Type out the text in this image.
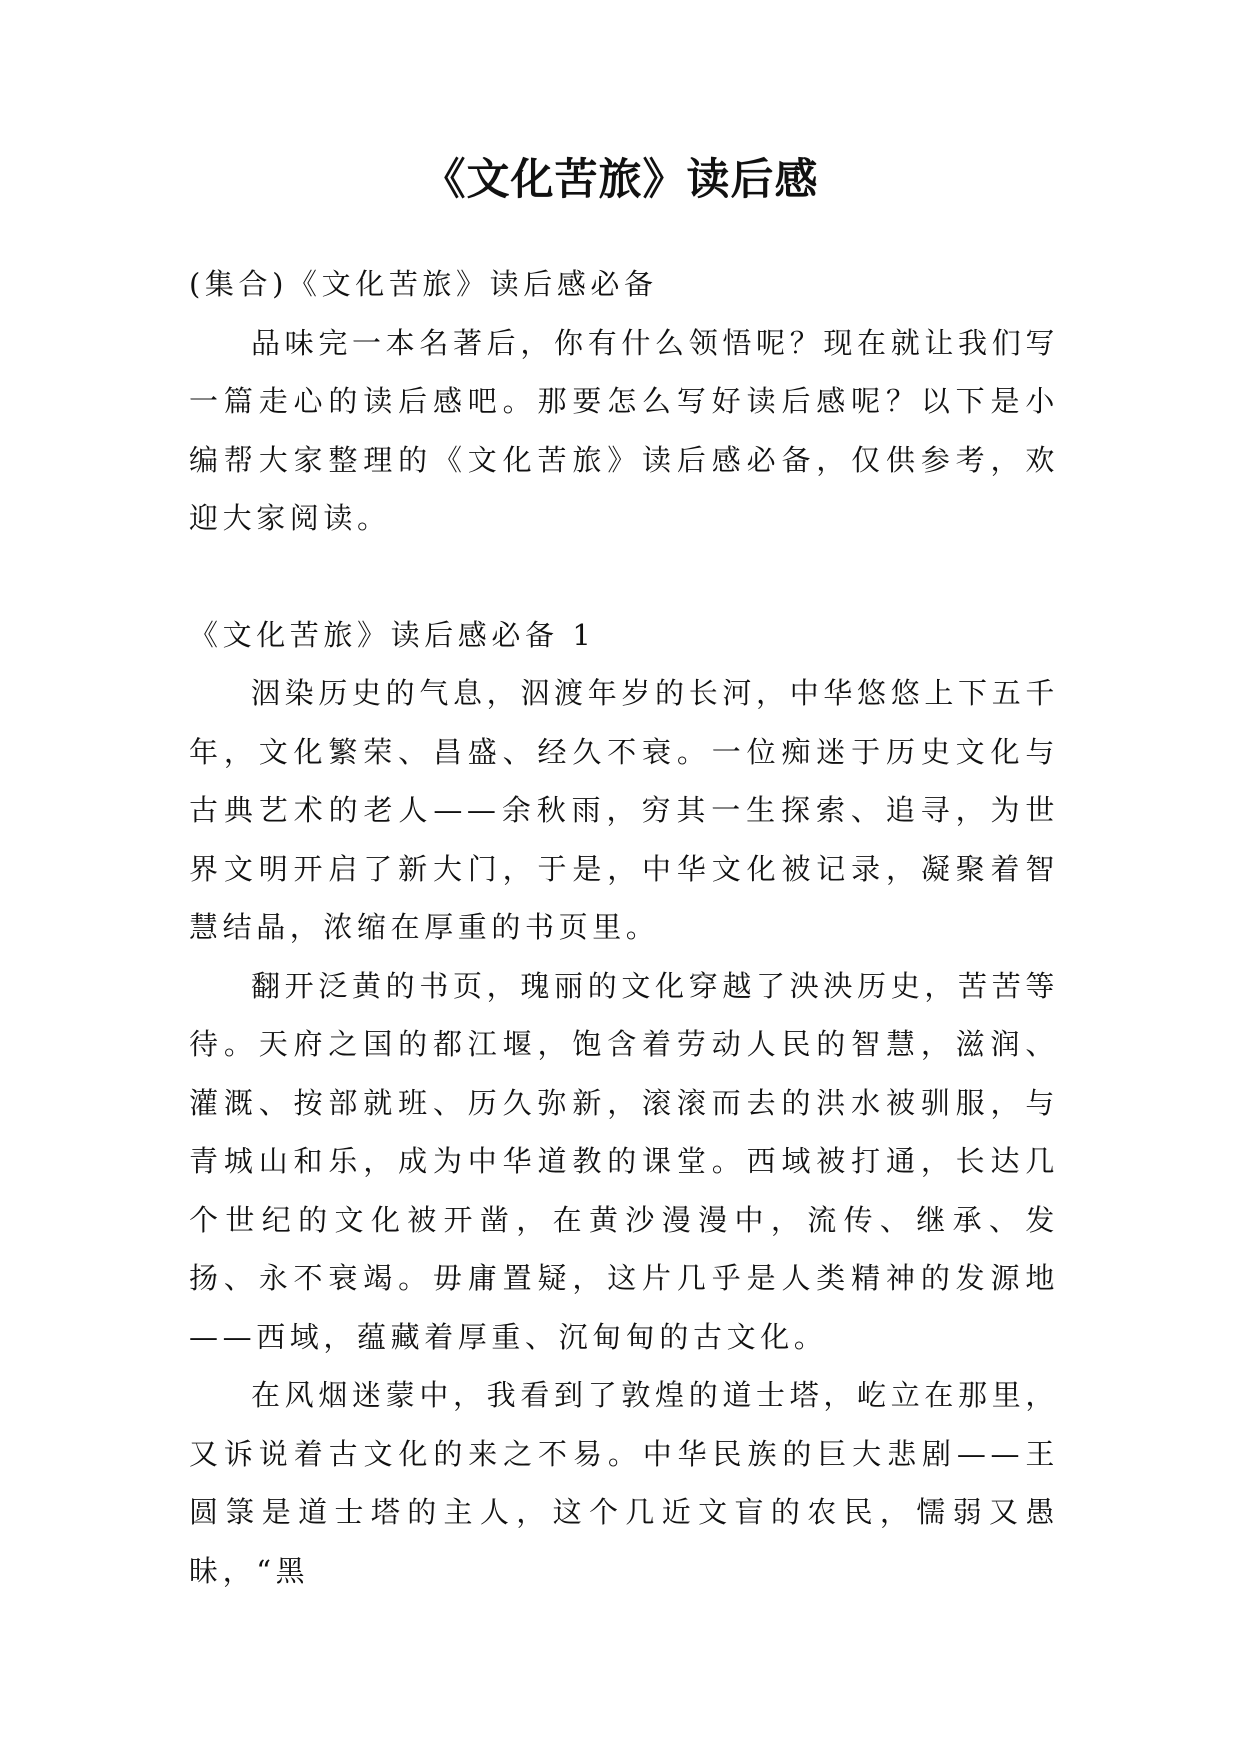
《文化苦旅》读后感

(集合)《文化苦旅》读后感必备

品味完一本名著后，你有什么领悟呢？现在就让我们写一篇走心的读后感吧。那要怎么写好读后感呢？以下是小编帮大家整理的《文化苦旅》读后感必备，仅供参考，欢迎大家阅读。

《文化苦旅》读后感必备 1

洇染历史的气息，泅渡年岁的长河，中华悠悠上下五千年，文化繁荣、昌盛、经久不衰。一位痴迷于历史文化与古典艺术的老人——余秋雨，穷其一生探索、追寻，为世界文明开启了新大门，于是，中华文化被记录，凝聚着智慧结晶，浓缩在厚重的书页里。

翻开泛黄的书页，瑰丽的文化穿越了泱泱历史，苦苦等待。天府之国的都江堰，饱含着劳动人民的智慧，滋润、灌溉、按部就班、历久弥新，滚滚而去的洪水被驯服，与青城山和乐，成为中华道教的课堂。西域被打通，长达几个世纪的文化被开凿，在黄沙漫漫中，流传、继承、发扬、永不衰竭。毋庸置疑，这片几乎是人类精神的发源地——西域，蕴藏着厚重、沉甸甸的古文化。

在风烟迷蒙中，我看到了敦煌的道士塔，屹立在那里，又诉说着古文化的来之不易。中华民族的巨大悲剧——王圆箓是道士塔的主人，这个几近文盲的农民，懦弱又愚昧，“黑
